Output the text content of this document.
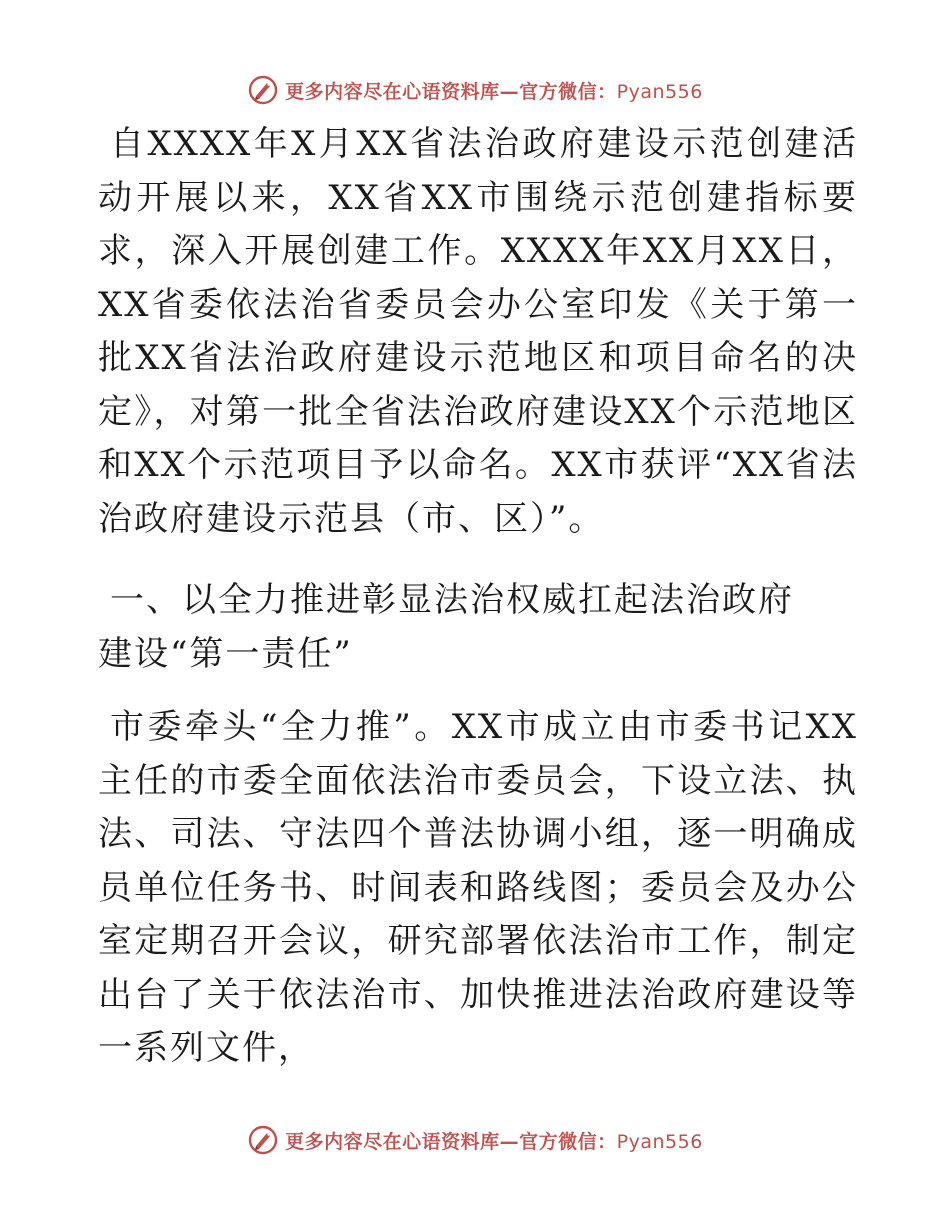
更多内容尽在心语资料库—官方微信：Pyan556

自XXXX年X月XX省法治政府建设示范创建活动开展以来，XX省XX市围绕示范创建指标要求，深入开展创建工作。XXXX年XX月XX日，XX省委依法治省委员会办公室印发《关于第一批XX省法治政府建设示范地区和项目命名的决定》，对第一批全省法治政府建设XX个示范地区和XX个示范项目予以命名。XX市获评“XX省法治政府建设示范县（市、区）”。

一、以全力推进彰显法治权威扛起法治政府建设“第一责任”

市委牵头“全力推”。XX市成立由市委书记XX主任的市委全面依法治市委员会，下设立法、执法、司法、守法四个普法协调小组，逐一明确成员单位任务书、时间表和路线图；委员会及办公室定期召开会议，研究部署依法治市工作，制定出台了关于依法治市、加快推进法治政府建设等一系列文件，

更多内容尽在心语资料库—官方微信：Pyan556
